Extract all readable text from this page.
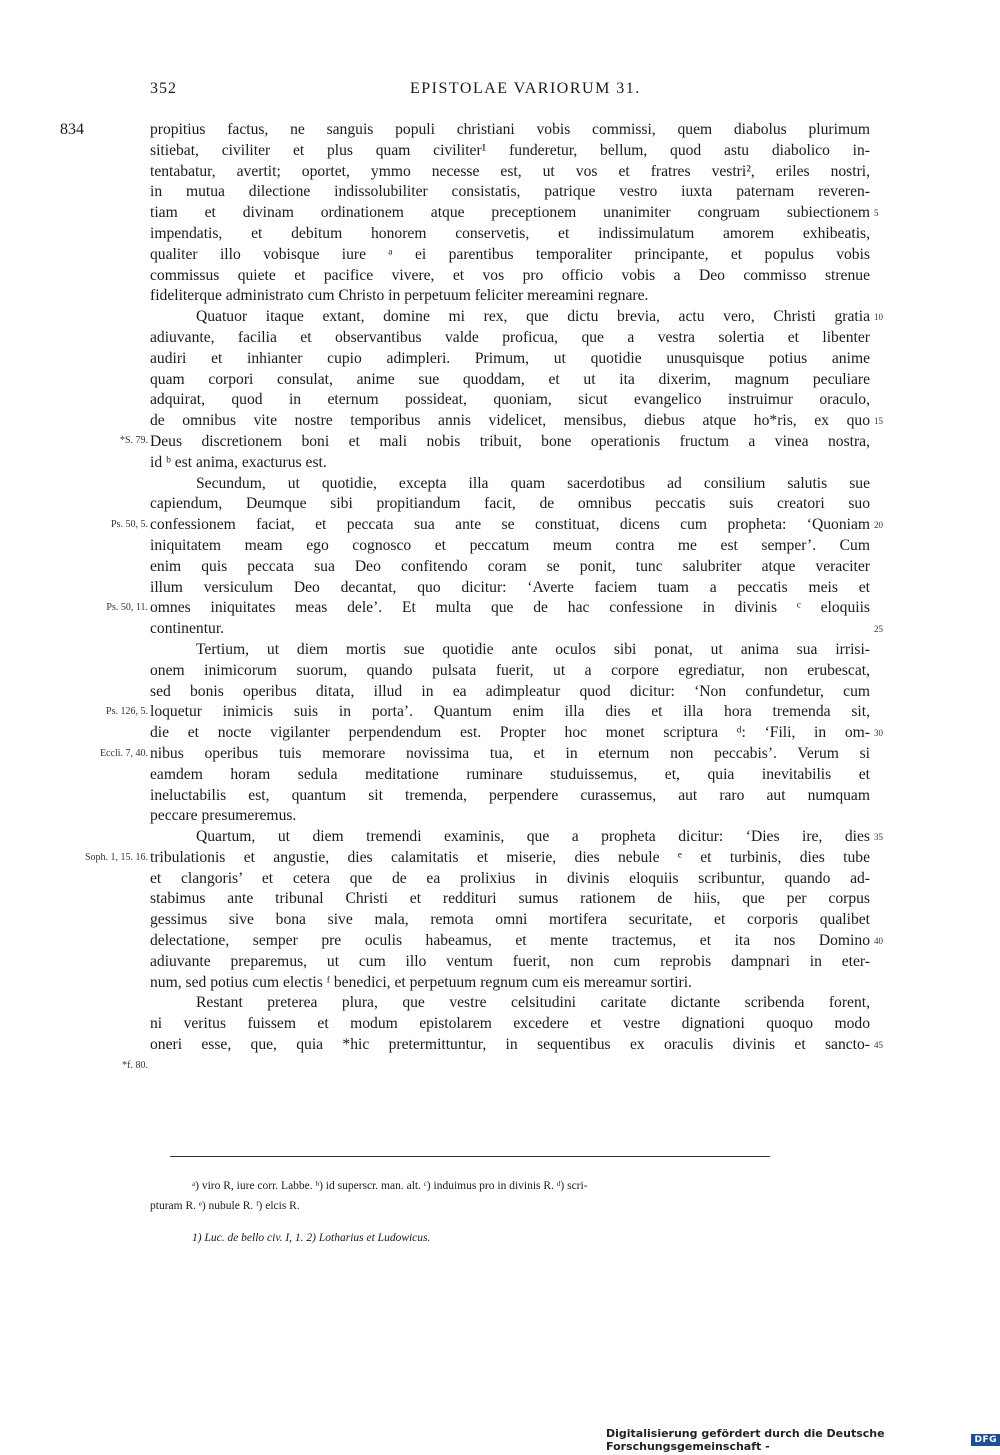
352	EPISTOLAE VARIORUM 31.
834
*S. 79.
Ps. 50, 5.
Ps. 50, 11.
Ps. 126, 5.
Eccli. 7, 40.
Soph. 1, 15. 16.
*f. 80.
5
10
15
20
25
30
35
40
45
propitius factus, ne sanguis populi christiani vobis commissi, quem diabolus plurimum
sitiebat, civiliter et plus quam civiliter¹ funderetur, bellum, quod astu diabolico in-
tentabatur, avertit; oportet, ymmo necesse est, ut vos et fratres vestri², eriles nostri,
in mutua dilectione indissolubiliter consistatis, patrique vestro iuxta paternam reveren-
tiam et divinam ordinationem atque preceptionem unanimiter congruam subiectionem
impendatis, et debitum honorem conservetis, et indissimulatum amorem exhibeatis,
qualiter illo vobisque iure ᵃ ei parentibus temporaliter principante, et populus vobis
commissus quiete et pacifice vivere, et vos pro officio vobis a Deo commisso strenue
fideliterque administrato cum Christo in perpetuum feliciter mereamini regnare.
Quatuor itaque extant, domine mi rex, que dictu brevia, actu vero, Christi gratia
adiuvante, facilia et observantibus valde proficua, que a vestra solertia et libenter
audiri et inhianter cupio adimpleri. Primum, ut quotidie unusquisque potius anime
quam corpori consulat, anime sue quoddam, et ut ita dixerim, magnum peculiare
adquirat, quod in eternum possideat, quoniam, sicut evangelico instruimur oraculo,
de omnibus vite nostre temporibus annis videlicet, mensibus, diebus atque ho*ris, ex quo
Deus discretionem boni et mali nobis tribuit, bone operationis fructum a vinea nostra,
id ᵇ est anima, exacturus est.
Secundum, ut quotidie, excepta illa quam sacerdotibus ad consilium salutis sue
capiendum, Deumque sibi propitiandum facit, de omnibus peccatis suis creatori suo
confessionem faciat, et peccata sua ante se constituat, dicens cum propheta: ‘Quoniam
iniquitatem meam ego cognosco et peccatum meum contra me est semper’. Cum
enim quis peccata sua Deo confitendo coram se ponit, tunc salubriter atque veraciter
illum versiculum Deo decantat, quo dicitur: ‘Averte faciem tuam a peccatis meis et
omnes iniquitates meas dele’. Et multa que de hac confessione in divinis ᶜ eloquiis
continentur.
Tertium, ut diem mortis sue quotidie ante oculos sibi ponat, ut anima sua irrisi-
onem inimicorum suorum, quando pulsata fuerit, ut a corpore egrediatur, non erubescat,
sed bonis operibus ditata, illud in ea adimpleatur quod dicitur: ‘Non confundetur, cum
loquetur inimicis suis in porta’. Quantum enim illa dies et illa hora tremenda sit,
die et nocte vigilanter perpendendum est. Propter hoc monet scriptura ᵈ: ‘Fili, in om-
nibus operibus tuis memorare novissima tua, et in eternum non peccabis’. Verum si
eamdem horam sedula meditatione ruminare studuissemus, et, quia inevitabilis et
ineluctabilis est, quantum sit tremenda, perpendere curassemus, aut raro aut numquam
peccare presumeremus.
Quartum, ut diem tremendi examinis, que a propheta dicitur: ‘Dies ire, dies
tribulationis et angustie, dies calamitatis et miserie, dies nebule ᵉ et turbinis, dies tube
et clangoris’ et cetera que de ea prolixius in divinis eloquiis scribuntur, quando ad-
stabimus ante tribunal Christi et reddituri sumus rationem de hiis, que per corpus
gessimus sive bona sive mala, remota omni mortifera securitate, et corporis qualibet
delectatione, semper pre oculis habeamus, et mente tractemus, et ita nos Domino
adiuvante preparemus, ut cum illo ventum fuerit, non cum reprobis dampnari in eter-
num, sed potius cum electis ᶠ benedici, et perpetuum regnum cum eis mereamur sortiri.
Restant preterea plura, que vestre celsitudini caritate dictante scribenda forent,
ni veritus fuissem et modum epistolarem excedere et vestre dignationi quoquo modo
oneri esse, que, quia *hic pretermittuntur, in sequentibus ex oraculis divinis et sancto-
ᵃ) viro R, iure corr. Labbe. ᵇ) id superscr. man. alt. ᶜ) induimus pro in divinis R. ᵈ) scri-
pturam R. ᵉ) nubule R. ᶠ) elcis R.
1) Luc. de bello civ. I, 1. 2) Lotharius et Ludowicus.
Digitalisierung gefördert durch die Deutsche Forschungsgemeinschaft -	DFG
